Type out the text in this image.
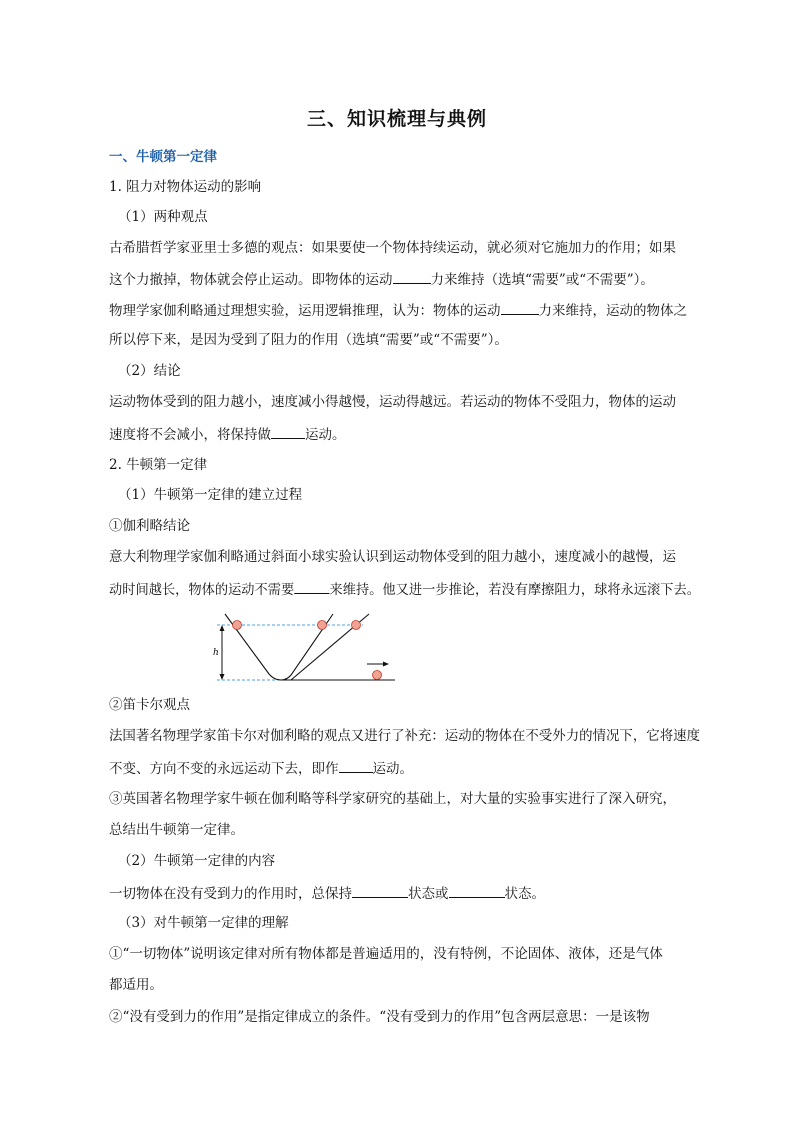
三、知识梳理与典例
一、牛顿第一定律
1. 阻力对物体运动的影响
（1）两种观点
古希腊哲学家亚里士多德的观点：如果要使一个物体持续运动，就必须对它施加力的作用；如果
这个力撤掉，物体就会停止运动。即物体的运动	力来维持（选填“需要”或“不需要”）。
物理学家伽利略通过理想实验，运用逻辑推理，认为：物体的运动	力来维持，运动的物体之
所以停下来，是因为受到了阻力的作用（选填“需要”或“不需要”）。
（2）结论
运动物体受到的阻力越小，速度减小得越慢，运动得越远。若运动的物体不受阻力，物体的运动
速度将不会减小，将保持做	运动。
2. 牛顿第一定律
（1）牛顿第一定律的建立过程
①伽利略结论
意大利物理学家伽利略通过斜面小球实验认识到运动物体受到的阻力越小，速度减小的越慢，运
动时间越长，物体的运动不需要	来维持。他又进一步推论，若没有摩擦阻力，球将永远滚下去。
h
②笛卡尔观点
法国著名物理学家笛卡尔对伽利略的观点又进行了补充：运动的物体在不受外力的情况下，它将速度
不变、方向不变的永远运动下去，即作	运动。
③英国著名物理学家牛顿在伽利略等科学家研究的基础上，对大量的实验事实进行了深入研究，
总结出牛顿第一定律。
（2）牛顿第一定律的内容
一切物体在没有受到力的作用时，总保持	状态或	状态。
（3）对牛顿第一定律的理解
①“一切物体”说明该定律对所有物体都是普遍适用的，没有特例，不论固体、液体，还是气体
都适用。
②“没有受到力的作用”是指定律成立的条件。“没有受到力的作用”包含两层意思：一是该物
